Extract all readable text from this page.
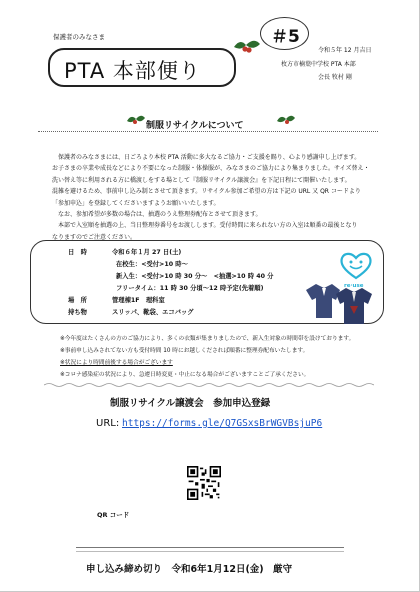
保護者のみなさま
PTA 本部便り
＃5
令和５年 12 月吉日
枚方市楠葉中学校 PTA 本部
会長 牧村 剛
制服リサイクルについて

保護者のみなさまには、日ごろより本校 PTA 活動に多大なるご協力・ご支援を賜り、心より感謝申し上げます。

お子さまの卒業や成長などにより不要になった制服・体操服が、みなさまのご協力により集まりました。サイズ替え・

洗い替え等に利用される方に橋渡しをする場として『制服リサイクル譲渡会』を下記日程にて開催いたします。

混雑を避けるため、事前申し込み制とさせて頂きます。リサイクル参加ご希望の方は下記の URL 又 QR コードより

「参加申込」を登録してくださいますようお願いいたします。

なお、参加希望が多数の場合は、抽選のうえ整理券配布とさせて頂きます。

本部で入室順を抽選の上、当日整理券番号をお渡しします。受付時間に来られない方の入室は順番の最後となり

なりますのでご注意ください。

日　時	令和６年１月 27 日(土)
在校生：<受付>10 時～
新入生：<受付>10 時 30 分～　<抽選>10 時 40 分
フリータイム：11 時 30 分頃～12 時予定(先着順)
場　所	管理棟1F　理科室
持ち物	スリッパ、靴袋、エコバッグ
re·use
※今年度はたくさんの方のご協力により、多くの衣類が集まりましたので、新入生対象の時間帯を設けております。
※事前申し込みされてない方も受付時間 10 時にお越しくだされば順番に整理券配布いたします。
※状況により時間前後する場合がございます
※コロナ感染症の状況により、急遽日時変更・中止になる場合がございますことご了承ください。
制服リサイクル譲渡会　参加申込登録
URL: https://forms.gle/Q7GSxsBrWGVBsjuP6
QR コード
申し込み締め切り　令和6年1月12日(金)　厳守
